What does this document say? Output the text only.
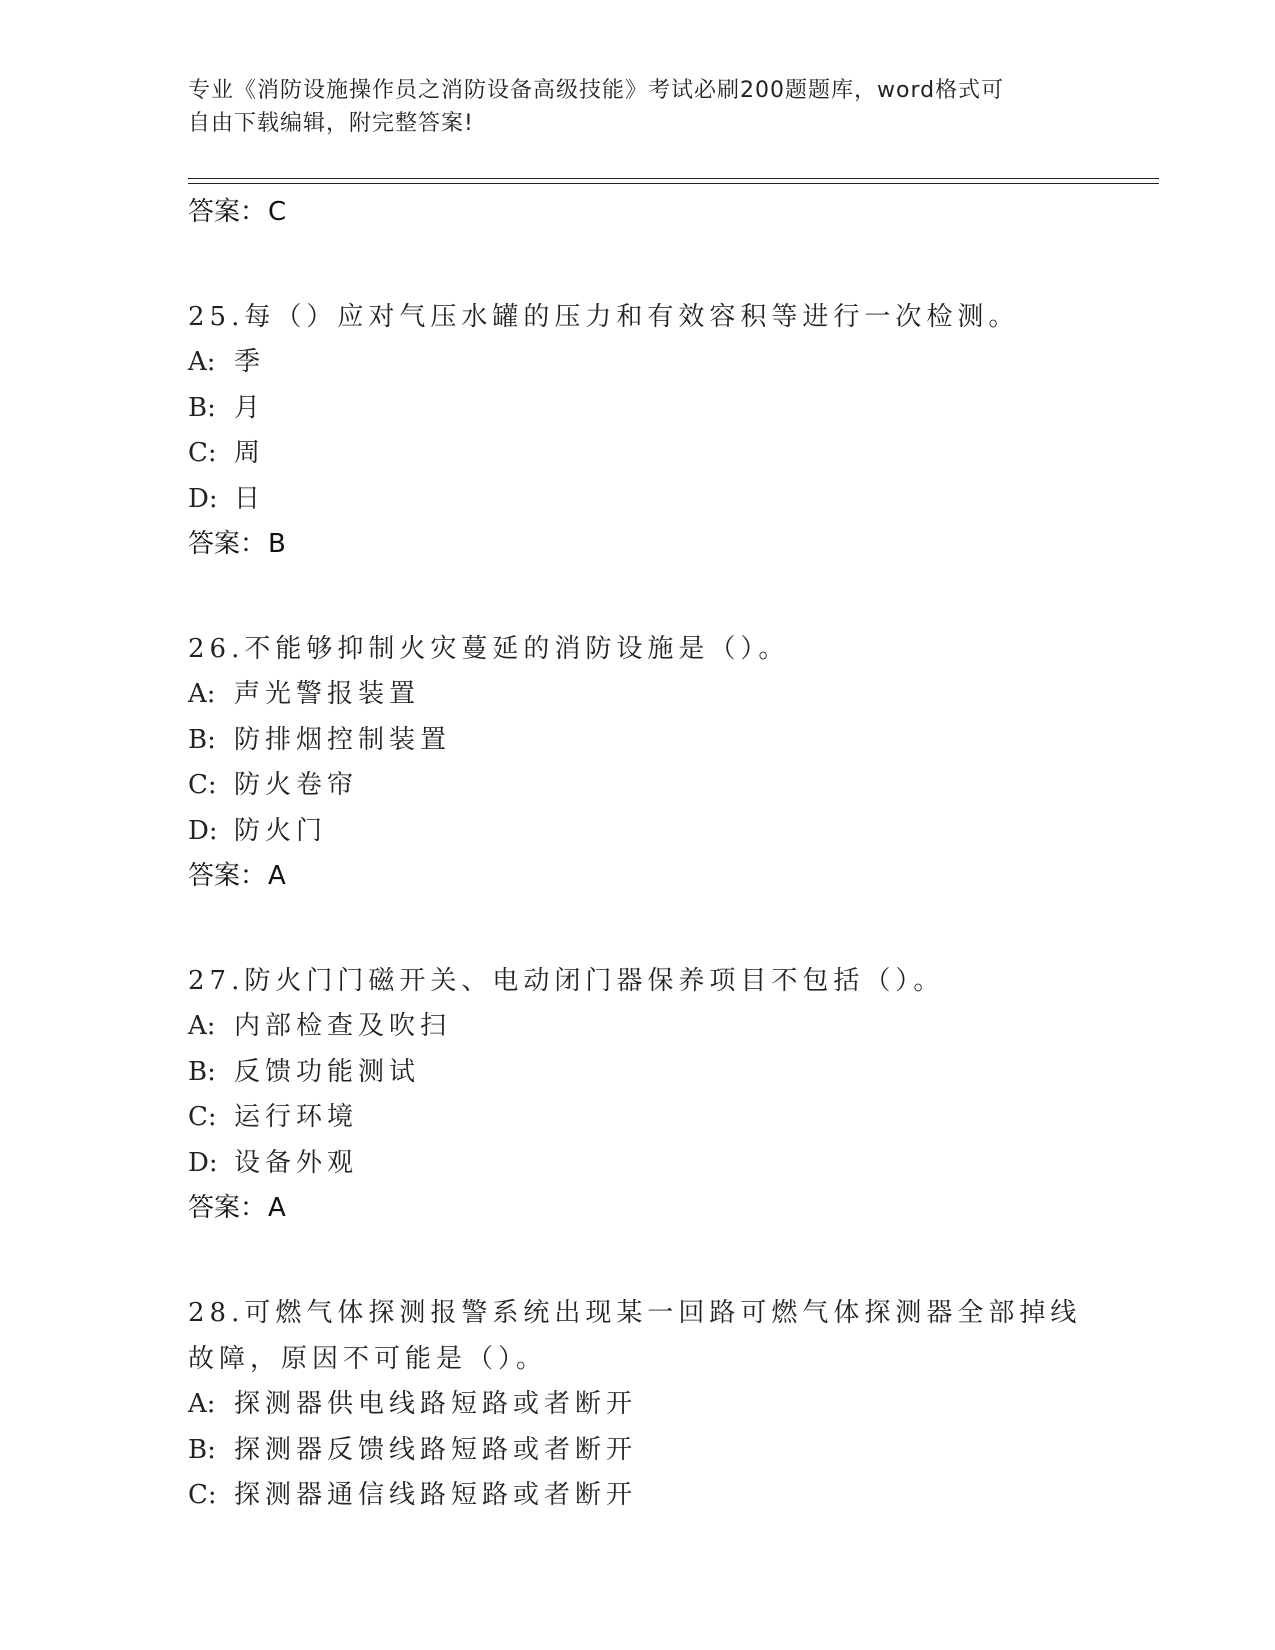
专业《消防设施操作员之消防设备高级技能》考试必刷200题题库，word格式可
自由下载编辑，附完整答案!
答案：C
25.每（）应对气压水罐的压力和有效容积等进行一次检测。
A: 季
B: 月
C: 周
D: 日
答案：B
26.不能够抑制火灾蔓延的消防设施是（）。
A: 声光警报装置
B: 防排烟控制装置
C: 防火卷帘
D: 防火门
答案：A
27.防火门门磁开关、电动闭门器保养项目不包括（）。
A: 内部检查及吹扫
B: 反馈功能测试
C: 运行环境
D: 设备外观
答案：A
28.可燃气体探测报警系统出现某一回路可燃气体探测器全部掉线故障，原因不可能是（）。
A: 探测器供电线路短路或者断开
B: 探测器反馈线路短路或者断开
C: 探测器通信线路短路或者断开
